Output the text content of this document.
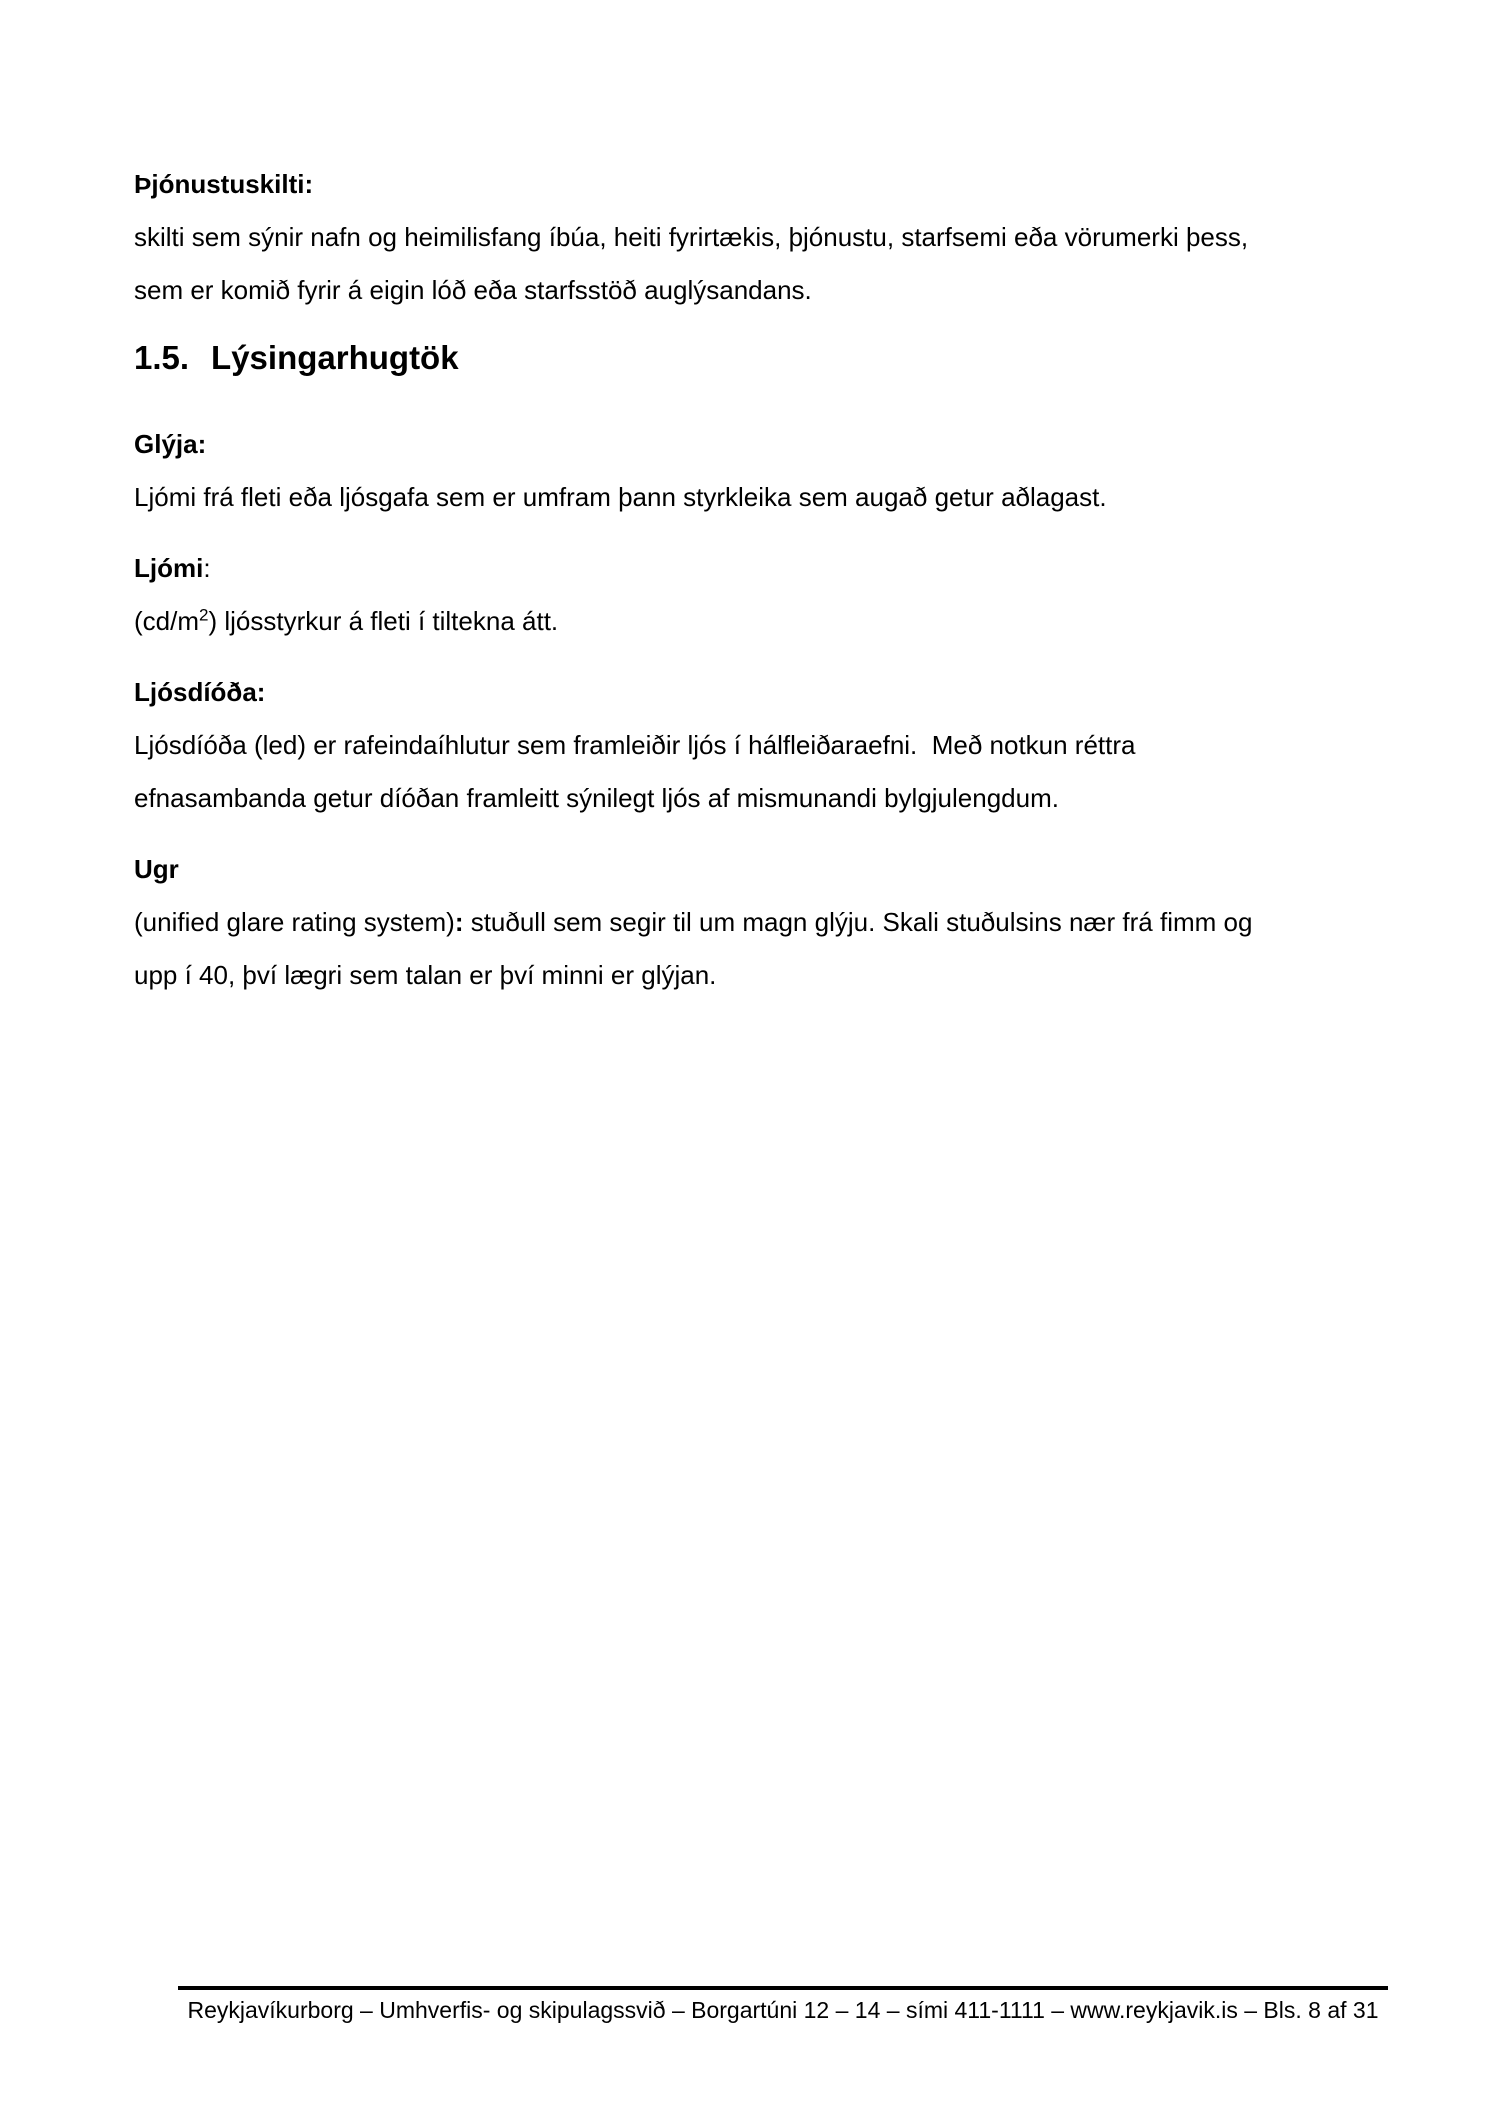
Þjónustuskilti:
skilti sem sýnir nafn og heimilisfang íbúa, heiti fyrirtækis, þjónustu, starfsemi eða vörumerki þess,
sem er komið fyrir á eigin lóð eða starfsstöð auglýsandans.
1.5. Lýsingarhugtök
Glýja:
Ljómi frá fleti eða ljósgafa sem er umfram þann styrkleika sem augað getur aðlagast.
Ljómi:
$(cd/m^2)$ ljósstyrkur á fleti í tiltekna átt.
Ljósdíóða:
Ljósdíóða (led) er rafeindaíhlutur sem framleiðir ljós í hálfleiðaraefni.  Með notkun réttra
efnasambanda getur díóðan framleitt sýnilegt ljós af mismunandi bylgjulengdum.
Ugr
(unified glare rating system): stuðull sem segir til um magn glýju. Skali stuðulsins nær frá fimm og
upp í 40, því lægri sem talan er því minni er glýjan.
Reykjavíkurborg – Umhverfis- og skipulagssvið – Borgartúni 12 – 14 – sími 411-1111 – www.reykjavik.is – Bls. 8 af 31
